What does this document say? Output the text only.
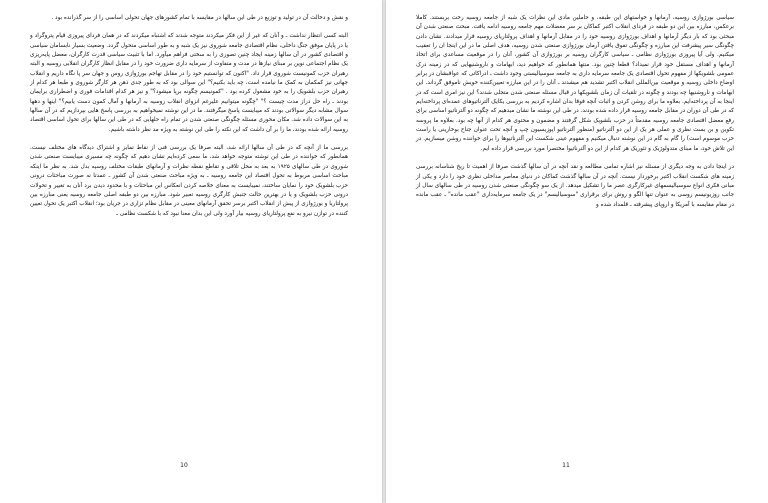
و نقش و دخالت آن در تولید و توزیع در طی این سالها در مقایسه با تمام کشورهای جهان تحولی اساسی را از سر گذرانده بود .

البته کسی انتظار نداشت ـ و آنان که غیر از این فکر میکردند متوجه شدند که اشتباه میکردند که در همان فردای پیروزی قیام پتروگراد و یا در پایان موفق جنگ داخلی، نظام اقتصادی جامعه شوروی نیز یک شبه و به طور اساسی متحول گردد. وضعیت بسیار نابسامان سیاسی و اقتصادی کشور در آن سالها زمینه ایجاد چنین تصوری را به سختی فراهم میآورد. اما با تثبیت سیاسی قدرت کارگران، معضل پایه‌ریزی یک نظام اجتماعی نوین بر مبنای نیازها در مدت و متفاوت از سرمایه داری ضرورت خود را در مقابل انظار کارگران انقلابی روسیه و البته رهبران حزب کمونیست شوروی قرار داد. "اکنون که توانستیم خود را در مقابل تهاجم بورژوازی روس و جهان سر پا نگاه داریم و انقلاب جهانی نیز کمکمان به کمک ما نیامده است، چه باید بکنیم؟" این سوالی بود که به طور جدی ذهن هر کارگر شوروی و طبعا هر کدام از رهبران حزب بلشویک را به خود مشغول کرده بود . "کمونیسم چگونه برپا میشود؟" و نیز هر کدام اقدامات فوری و اضطراری برایمان بودند ـ راه حل دراز مدت چیست ؟" "چگونه میتوانیم علیرغم انزوای انقلاب روسیه به آرمانها و آمال کمون دست یابیم؟" اینها و دهها سوال مشابه دیگر سوالاتی بودند که میبایست پاسخ میگرفتند. ما در این نوشته نمیخواهیم به بررسی پاسخ هایی بپردازیم که در آن سالها به این سوالات داده شد. مکان محوری مسئله چگونگی صنعتی شدن در تمام راه حلهایی که در طی این سالها برای تحول اساسی اقتصاد روسیه ارائه شده بودند، ما را بر آن داشت که این نکته را طی این نوشته به ویژه مد نظر داشته باشیم.

بررسی ما از آنچه که در طی آن سالها ارائه شد، البته صرفا یک بررسی فنی از نقاط تمایز و اشتراک دیدگاه های مختلف نیست. همانطور که خواننده در طی این نوشته متوجه خواهد شد، ما سعی کرده‌ایم نشان دهیم که چگونه چه مسیری میبایست صنعتی شدن شوروی در طی سالهای ۱۹۲۵ به بعد به محل تلاقی و تقاطع نقطه نظرات و آرمانهای طبقات مختلف روسیه بدل شد. به نظر ما اینکه مباحث اساسی مربوط به تحول اقتصاد این جامعه روسیه ـ به ویژه مباحث صنعتی شدن آن کشور ـ عمدتا نه صورت مباحثات درونی حزب بلشویک خود را نمایان ساختند، نمیبایست به معنای خلاصه کردن انعکاس این مباحثات و با محدود دیدن برد آنان به تغییر و تحولات درونی حزب بلشویک و یا در بهترین حالت جنبش کارگری روسیه تعبیر شود. مبارزه بین دو طبقه اصلی جامعه روسیه یعنی مبارزه بین پرولتاریا و بورژوازی از پیش از انقلاب اکتبر برسر تحقق آرمانهای معینی در مقابل نظام تزاری در جریان بود؛ انقلاب اکتبر یک تحول تعیین کننده در توازن نیرو به نفع پرولتاریای روسیه بیار آورد ولی این بدان معنا نبود که با شکست نظامی ـ

10

سیاسی بورژوازی روسیه، آرمانها و خواستهای این طبقه، و حاملین مادی این نظرات یک شبه از جامعه روسیه رخت بربستند. کاملا برعکس، مبارزه بین این دو طبقه در فردای انقلاب اکتبر کماکان بر سر معضلات مهم جامعه روسیه ادامه یافت. مبحث صنعتی شدن آن مبحثی بود که بار دیگر آرمانها و اهداف بورژوازی روسیه خود را در مقابل آرمانها و اهداف پرولتاریای روسیه قرار میدادند. نشان دادن چگونگی سیر پیشرفت این مبارزه و چگونگی تفوق یافتن آرمان بورژوازی صنعتی شدن روسیه، هدف اصلی ما در این اینجا ان را تعقیب میکنیم. ولی آیا پیروزی بورژوازی نظامی ـ سیاسی کارگران روسیه بر بورژوازی آن کشور، آنان را در موقعیت مساعدی برای اتخاذ آرمانها و اهداف مستقل خود قرار نمیداد؟ قطعا چنین بود. منتها همانطور که خواهیم دید، ابهامات و ناروشنیهایی که در زمینه درک عمومی بلشویکها از مفهوم تحول اقتصادی یک جامعه سرمایه داری به جامعه سوسیالیستی وجود داشت ـ ادراکاتی که عواقبشان در برابر اوضاع داخلی روسیه و موقعیت بین‌المللی انقلاب اکتبر تشدید هم میشدند ـ آنان را در این مبارزه تعیین‌کننده خویش ناموفق گرداند. این ابهامات و ناروشنیها چه بودند و چگونه در تلقیات آن زمان بلشویکها در قبال مسئله صنعتی شدن متجلی شدند؟ این نیز امری است که در اینجا به آن پرداخته‌ایم. بعلاوه ما برای روشن کردن و اثبات آنچه فوقا بدان اشاره کردیم به بررسی یکایک آلترناتیوهای عمده‌ای پرداخته‌ایم که در طی آن دوران در مقابل جامعه روسیه قرار داده شده بودند. در طی این نوشته ما نشان میدهیم که چگونه دو آلترناتیو اساسی برای رفع معضل اقتصادی جامعه روسیه مقدمتاً در حزب بلشویک شکل گرفتند و مضمون و محتوی هر کدام از آنها چه بود. بعلاوه ما پروسه تکوین و بن بست نظری و عملی هر یک از این دو آلترناتیو (منظور آلترناتیو اپوزیسیون چپ و آنچه تحت عنوان جناح بوخارینی یا راست حزب موسوم است) را گام به گام در این نوشته دنبال میکنیم و مفهوم عینی شکست این آلترناتیوها را برای خواننده روشن میسازیم. در این تلاش خود، ما مبنای متدولوژیک و تئوریک هر کدام از این دو آلترناتیوا مختصرا مورد بررسی قرار داده ایم.

در اینجا دادن به وجه دیگری از مسئله نیز اشاره تمامی مطالعه و نقد آنچه در آن سالها گذشت صرفا از اهمیت تا ریخ شناسانه بررسی زمینه های شکست انقلاب اکتبر برخوردار نیست. آنچه در آن سالها گذشت کماکان در دنیای معاصر مداخلی نظری خود را دارد و یکی از مبانی فکری انواع سوسیالیسمهای غیرکارگری عصر ما را تشکیل میدهد. از یک سو چگونگی صنعتی شدن روسیه در طی سالهای سال از جانب روزیونیسم روسی به عنوان تنها الگو و روش برای برقراری "سوسیالیسم" در یک جامعه سرمایه‌داری "عقب مانده" ـ عقب مانده در مقام مقایسه با آمریکا و اروپای پیشرفته ـ قلمداد شده و

11
